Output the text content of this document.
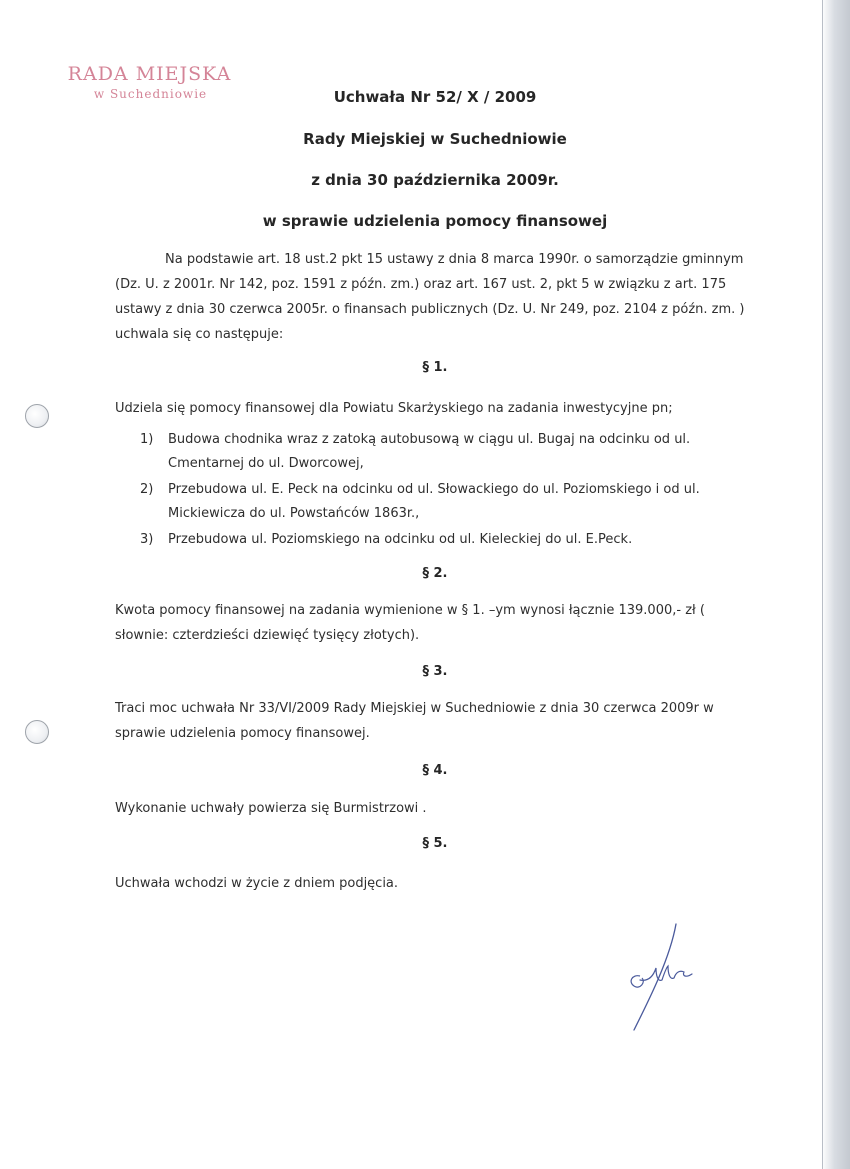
RADA MIEJSKA
w Suchedniowie	Uchwała Nr 52/ X / 2009
Rady Miejskiej w Suchedniowie
z dnia 30 października 2009r.
w sprawie udzielenia pomocy finansowej

Na podstawie art. 18 ust.2 pkt 15 ustawy z dnia 8 marca 1990r. o samorządzie gminnym (Dz. U. z 2001r. Nr 142, poz. 1591 z późn. zm.) oraz art. 167 ust. 2, pkt 5 w związku z art. 175 ustawy z dnia 30 czerwca 2005r. o finansach publicznych (Dz. U. Nr 249, poz. 2104 z późn. zm. ) uchwala się co następuje:

§ 1.

Udziela się pomocy finansowej dla Powiatu Skarżyskiego na zadania inwestycyjne pn;

1) Budowa chodnika wraz z zatoką autobusową w ciągu ul. Bugaj na odcinku od ul. Cmentarnej do ul. Dworcowej,
2) Przebudowa ul. E. Peck na odcinku od ul. Słowackiego do ul. Poziomskiego i od ul. Mickiewicza do ul. Powstańców 1863r.,
3) Przebudowa ul. Poziomskiego na odcinku od ul. Kieleckiej do ul. E.Peck.
§ 2.

Kwota pomocy finansowej na zadania wymienione w § 1. –ym wynosi łącznie 139.000,- zł ( słownie: czterdzieści dziewięć tysięcy złotych).

§ 3.

Traci moc uchwała Nr 33/VI/2009 Rady Miejskiej w Suchedniowie z dnia 30 czerwca 2009r w sprawie udzielenia pomocy finansowej.

§ 4.

Wykonanie uchwały powierza się Burmistrzowi .

§ 5.

Uchwała wchodzi w życie z dniem podjęcia.
